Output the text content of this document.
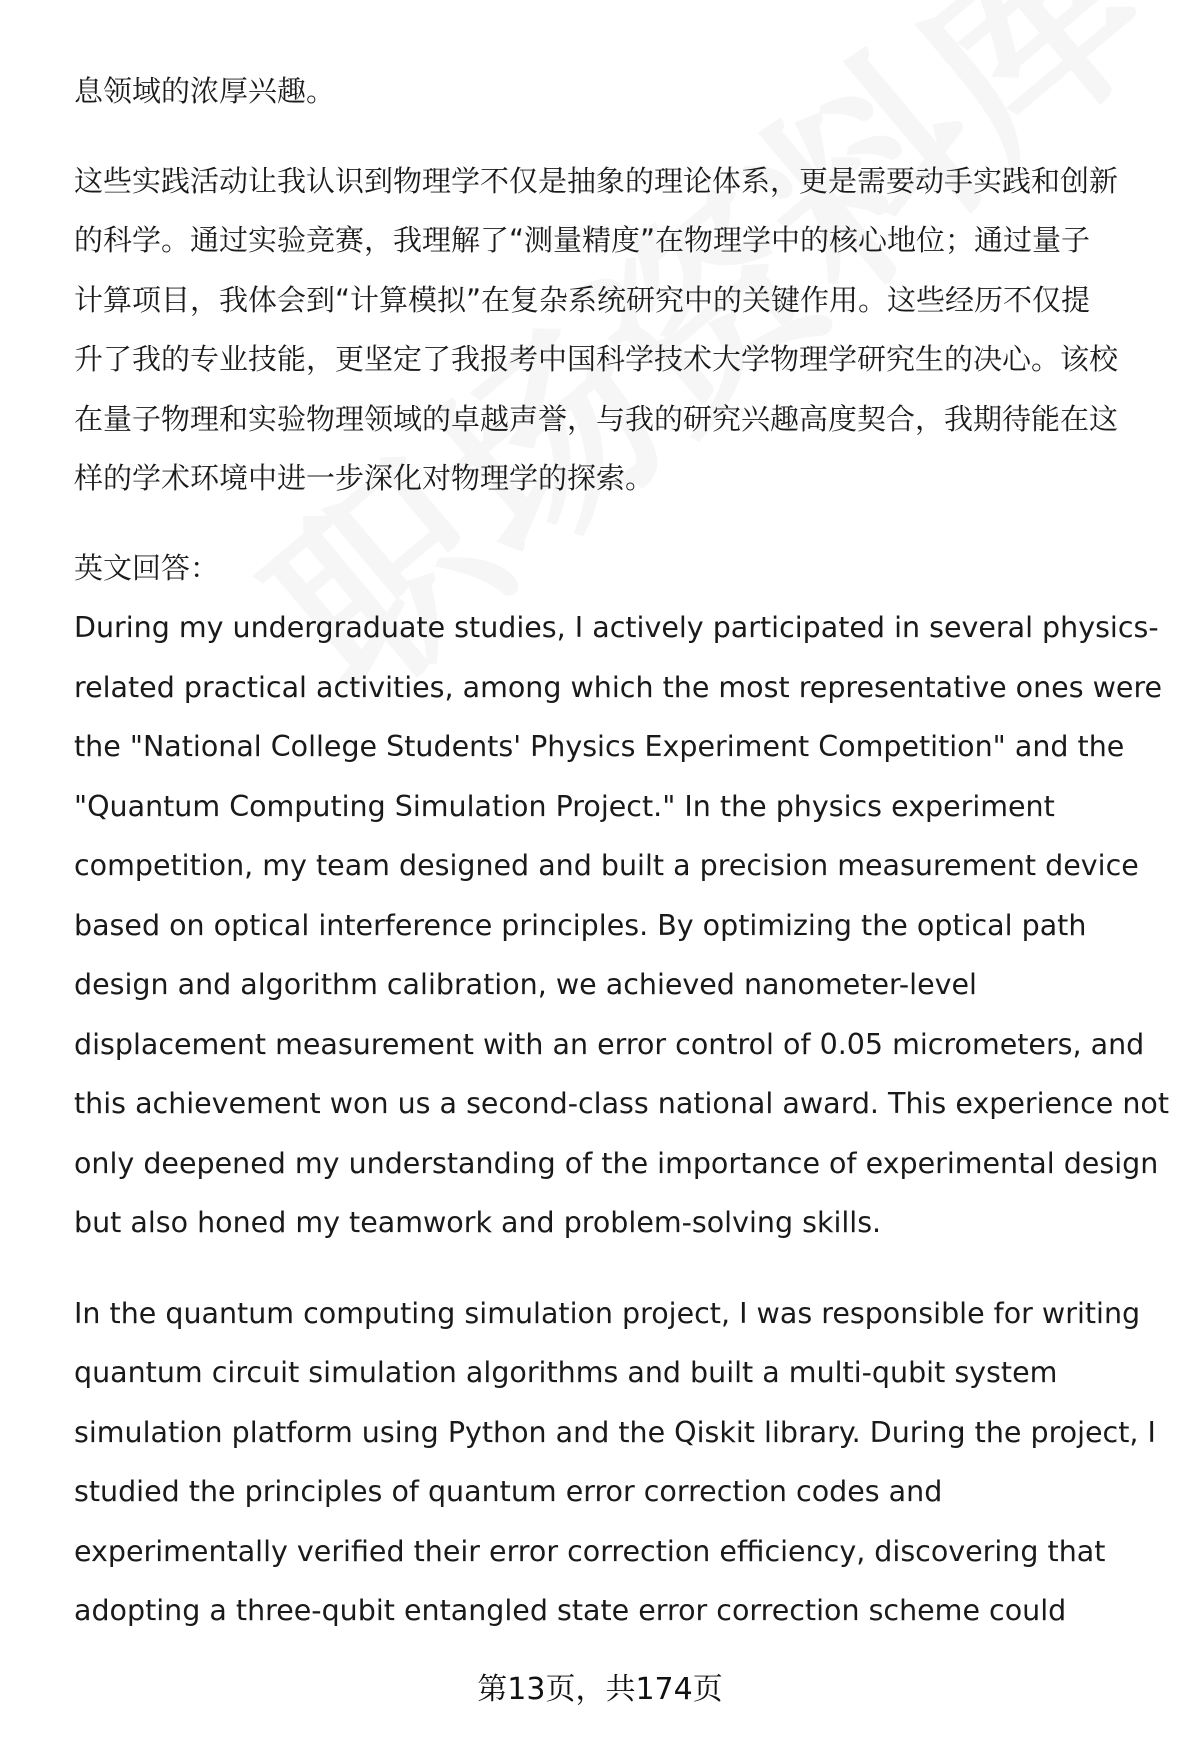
息领域的浓厚兴趣。

这些实践活动让我认识到物理学不仅是抽象的理论体系，更是需要动手实践和创新

的科学。通过实验竞赛，我理解了“测量精度”在物理学中的核心地位；通过量子

计算项目，我体会到“计算模拟”在复杂系统研究中的关键作用。这些经历不仅提

升了我的专业技能，更坚定了我报考中国科学技术大学物理学研究生的决心。该校

在量子物理和实验物理领域的卓越声誉，与我的研究兴趣高度契合，我期待能在这

样的学术环境中进一步深化对物理学的探索。

英文回答：

During my undergraduate studies, I actively participated in several physics-

related practical activities, among which the most representative ones were

the "National College Students' Physics Experiment Competition" and the

"Quantum Computing Simulation Project." In the physics experiment

competition, my team designed and built a precision measurement device

based on optical interference principles. By optimizing the optical path

design and algorithm calibration, we achieved nanometer-level

displacement measurement with an error control of 0.05 micrometers, and

this achievement won us a second-class national award. This experience not

only deepened my understanding of the importance of experimental design

but also honed my teamwork and problem-solving skills.

In the quantum computing simulation project, I was responsible for writing

quantum circuit simulation algorithms and built a multi-qubit system

simulation platform using Python and the Qiskit library. During the project, I

studied the principles of quantum error correction codes and

experimentally verified their error correction efficiency, discovering that

adopting a three-qubit entangled state error correction scheme could

第13页，共174页
